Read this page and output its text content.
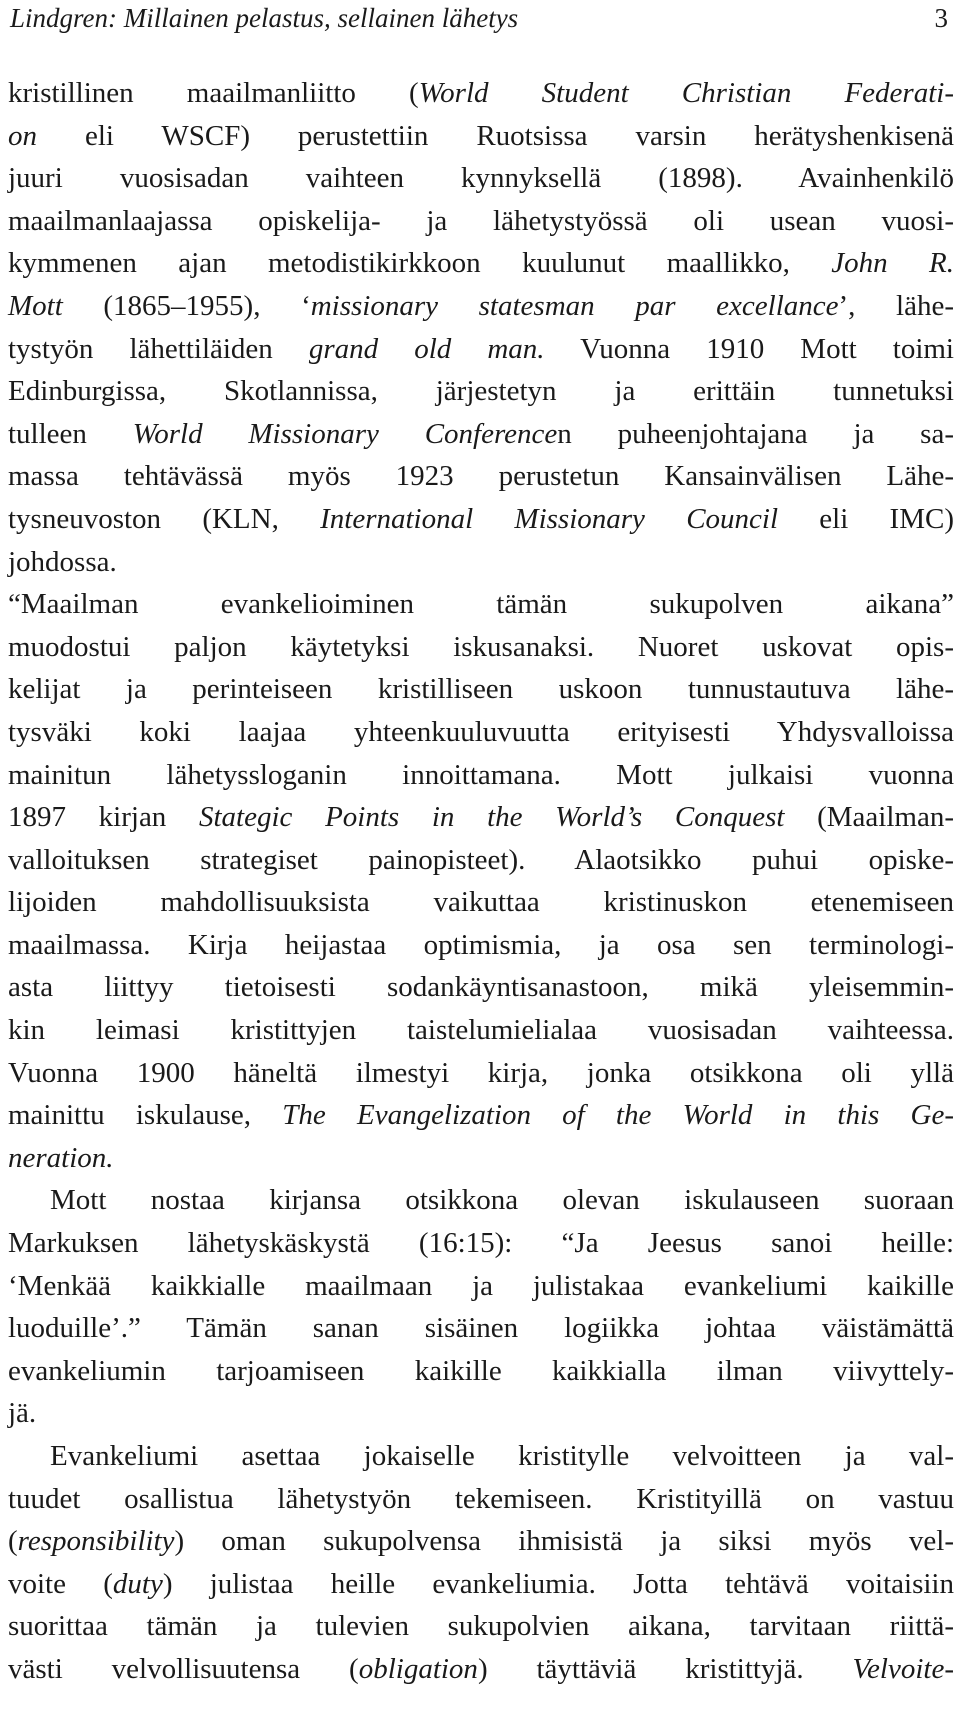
Lindgren: Millainen pelastus, sellainen lähetys	3
kristillinen maailmanliitto (World Student Christian Federati-
on eli WSCF) perustettiin Ruotsissa varsin herätyshenkisenä
juuri vuosisadan vaihteen kynnyksellä (1898). Avainhenkilö
maailmanlaajassa opiskelija- ja lähetystyössä oli usean vuosi-
kymmenen ajan metodistikirkkoon kuulunut maallikko, John R.
Mott (1865–1955), ‘missionary statesman par excellance’, lähe-
tystyön lähettiläiden grand old man. Vuonna 1910 Mott toimi
Edinburgissa, Skotlannissa, järjestetyn ja erittäin tunnetuksi
tulleen World Missionary Conferencen puheenjohtajana ja sa-
massa tehtävässä myös 1923 perustetun Kansainvälisen Lähe-
tysneuvoston (KLN, International Missionary Council eli IMC)
johdossa.
“Maailman evankelioiminen tämän sukupolven aikana”
muodostui paljon käytetyksi iskusanaksi. Nuoret uskovat opis-
kelijat ja perinteiseen kristilliseen uskoon tunnustautuva lähe-
tysväki koki laajaa yhteenkuuluvuutta erityisesti Yhdysvalloissa
mainitun lähetyssloganin innoittamana. Mott julkaisi vuonna
1897 kirjan Stategic Points in the World’s Conquest (Maailman-
valloituksen strategiset painopisteet). Alaotsikko puhui opiske-
lijoiden mahdollisuuksista vaikuttaa kristinuskon etenemiseen
maailmassa. Kirja heijastaa optimismia, ja osa sen terminologi-
asta liittyy tietoisesti sodankäyntisanastoon, mikä yleisemmin-
kin leimasi kristittyjen taistelumielialaa vuosisadan vaihteessa.
Vuonna 1900 häneltä ilmestyi kirja, jonka otsikkona oli yllä
mainittu iskulause, The Evangelization of the World in this Ge-
neration.
Mott nostaa kirjansa otsikkona olevan iskulauseen suoraan
Markuksen lähetyskäskystä (16:15): “Ja Jeesus sanoi heille:
‘Menkää kaikkialle maailmaan ja julistakaa evankeliumi kaikille
luoduille’.” Tämän sanan sisäinen logiikka johtaa väistämättä
evankeliumin tarjoamiseen kaikille kaikkialla ilman viivyttely-
jä.
Evankeliumi asettaa jokaiselle kristitylle velvoitteen ja val-
tuudet osallistua lähetystyön tekemiseen. Kristityillä on vastuu
(responsibility) oman sukupolvensa ihmisistä ja siksi myös vel-
voite (duty) julistaa heille evankeliumia. Jotta tehtävä voitaisiin
suorittaa tämän ja tulevien sukupolvien aikana, tarvitaan riittä-
västi velvollisuutensa (obligation) täyttäviä kristittyjä. Velvoite-
